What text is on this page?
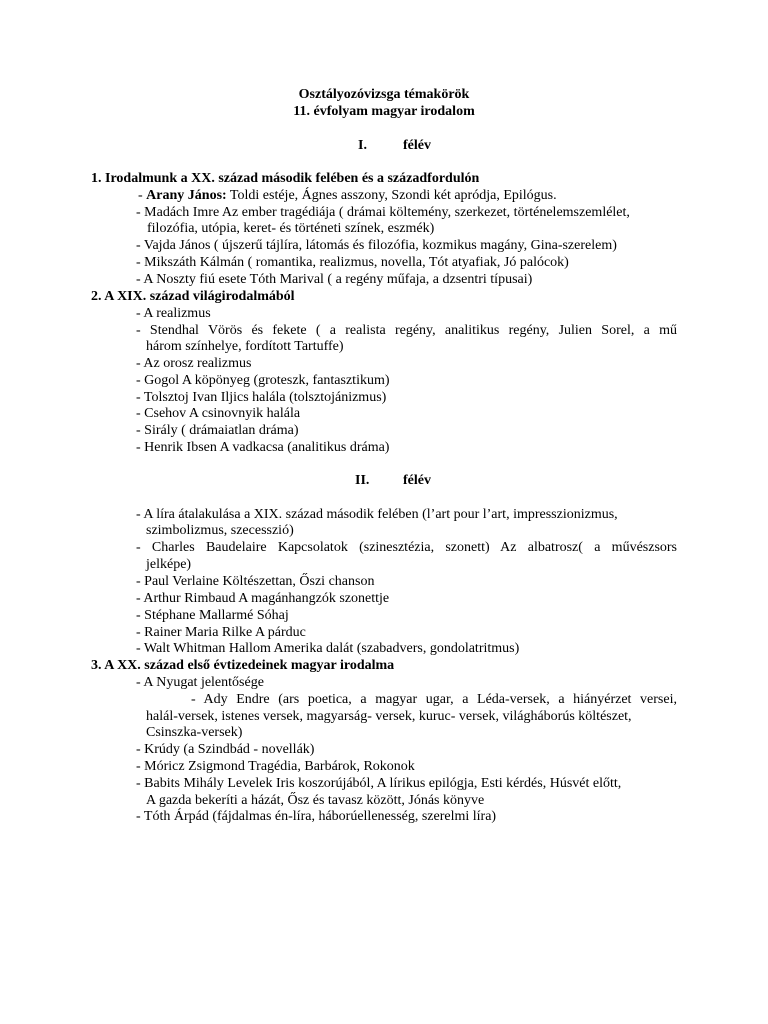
Osztályozóvizsga témakörök
11. évfolyam magyar irodalom
I.	félév
1. Irodalmunk a XX. század második felében és a századfordulón
- Arany János: Toldi estéje, Ágnes asszony, Szondi két apródja, Epilógus.
- Madách Imre Az ember tragédiája ( drámai költemény, szerkezet, történelemszemlélet,
filozófia, utópia, keret- és történeti színek, eszmék)
- Vajda János ( újszerű tájlíra, látomás és filozófia, kozmikus magány, Gina-szerelem)
- Mikszáth Kálmán ( romantika, realizmus, novella, Tót atyafiak, Jó palócok)
- A Noszty fiú esete Tóth Marival ( a regény műfaja, a dzsentri típusai)
2. A XIX. század világirodalmából
- A realizmus
- Stendhal Vörös és fekete ( a realista regény, analitikus regény, Julien Sorel, a mű
három színhelye, fordított Tartuffe)
- Az orosz realizmus
- Gogol A köpönyeg (groteszk, fantasztikum)
- Tolsztoj Ivan Iljics halála (tolsztojánizmus)
- Csehov A csinovnyik halála
- Sirály ( drámaiatlan dráma)
- Henrik Ibsen A vadkacsa (analitikus dráma)
II. félév
- A líra átalakulása a XIX. század második felében (l’art pour l’art, impresszionizmus,
szimbolizmus, szecesszió)
- Charles Baudelaire Kapcsolatok (szinesztézia, szonett) Az albatrosz( a művészsors
jelképe)
- Paul Verlaine Költészettan, Őszi chanson
- Arthur Rimbaud A magánhangzók szonettje
- Stéphane Mallarmé Sóhaj
- Rainer Maria Rilke A párduc
- Walt Whitman Hallom Amerika dalát (szabadvers, gondolatritmus)
3. A XX. század első évtizedeinek magyar irodalma
- A Nyugat jelentősége
- Ady Endre (ars poetica, a magyar ugar, a Léda-versek, a hiányérzet versei,
halál-versek, istenes versek, magyarság- versek, kuruc- versek, világháborús költészet,
Csinszka-versek)
- Krúdy (a Szindbád - novellák)
- Móricz Zsigmond Tragédia, Barbárok, Rokonok
- Babits Mihály Levelek Iris koszorújából, A lírikus epilógja, Esti kérdés, Húsvét előtt,
A gazda bekeríti a házát, Ősz és tavasz között, Jónás könyve
- Tóth Árpád (fájdalmas én-líra, háborúellenesség, szerelmi líra)
